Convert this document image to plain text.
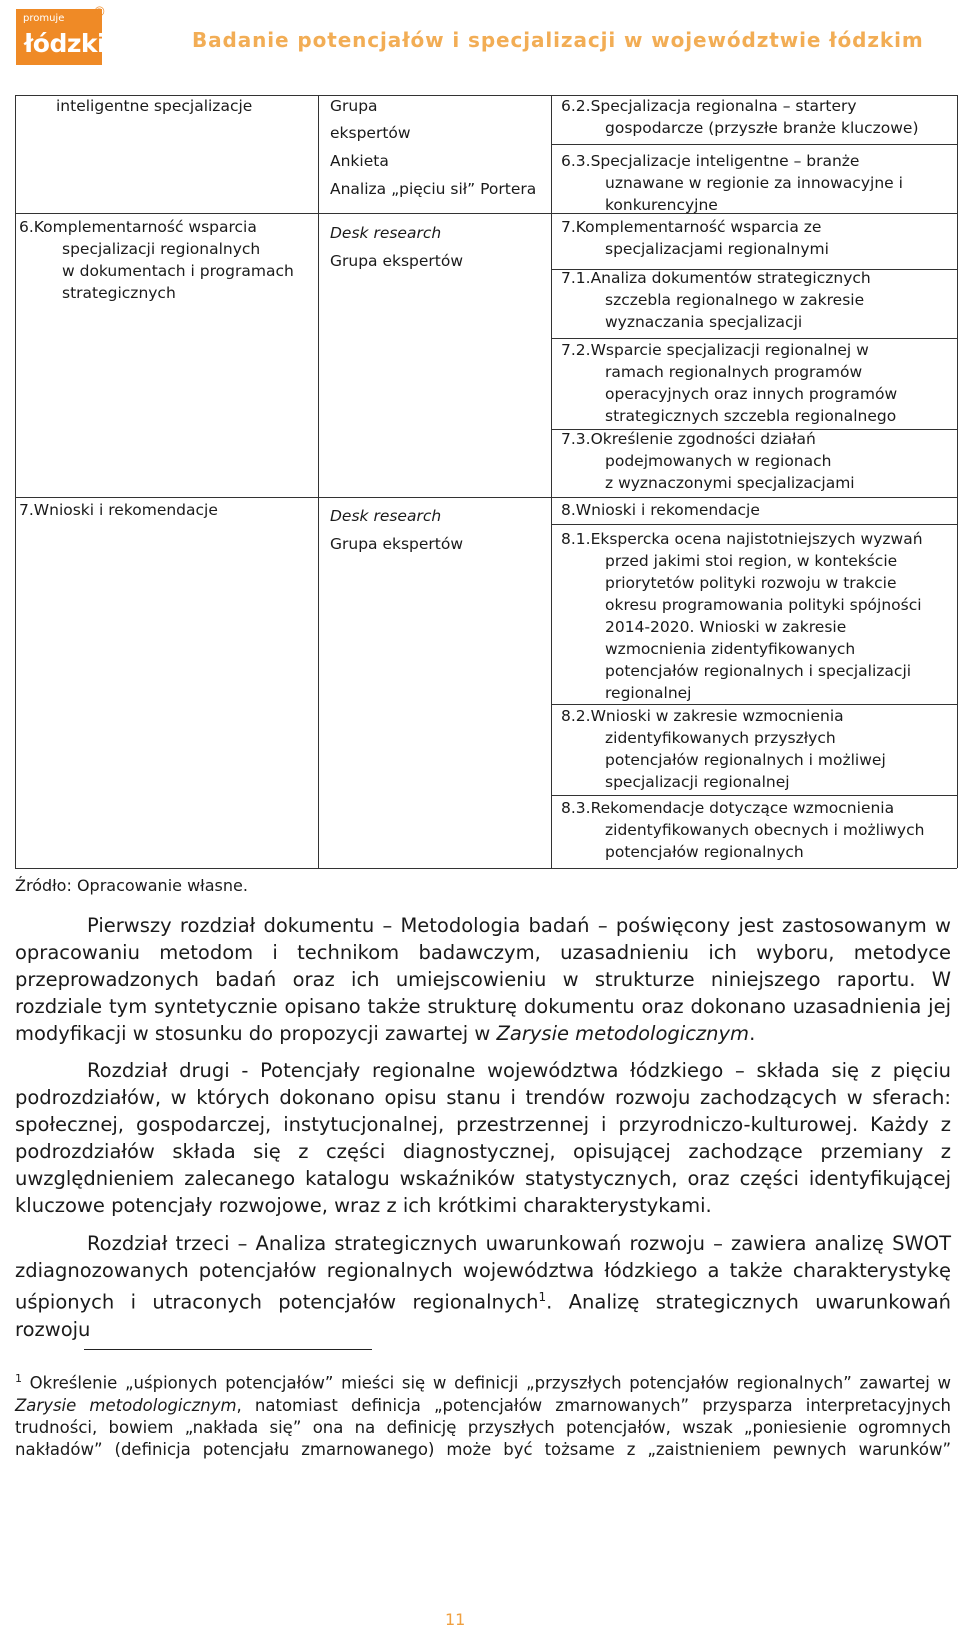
promuje
łódzkie
®
Badanie potencjałów i specjalizacji w województwie łódzkim
inteligentne specjalizacje
6.Komplementarność wsparcia
specjalizacji regionalnych
w dokumentach i programach
strategicznych
7.Wnioski i rekomendacje
Grupa
ekspertów
Ankieta
Analiza „pięciu sił” Portera
Desk research
Grupa ekspertów
Desk research
Grupa ekspertów
6.2.Specjalizacja regionalna – startery
gospodarcze (przyszłe branże kluczowe)
6.3.Specjalizacje inteligentne – branże
uznawane w regionie za innowacyjne i
konkurencyjne
7.Komplementarność wsparcia ze
specjalizacjami regionalnymi
7.1.Analiza dokumentów strategicznych
szczebla regionalnego w zakresie
wyznaczania specjalizacji
7.2.Wsparcie specjalizacji regionalnej w
ramach regionalnych programów
operacyjnych oraz innych programów
strategicznych szczebla regionalnego
7.3.Określenie zgodności działań
podejmowanych w regionach
z wyznaczonymi specjalizacjami
8.Wnioski i rekomendacje
8.1.Ekspercka ocena najistotniejszych wyzwań
przed jakimi stoi region, w kontekście
priorytetów polityki rozwoju w trakcie
okresu programowania polityki spójności
2014-2020. Wnioski w zakresie
wzmocnienia zidentyfikowanych
potencjałów regionalnych i specjalizacji
regionalnej
8.2.Wnioski w zakresie wzmocnienia
zidentyfikowanych przyszłych
potencjałów regionalnych i możliwej
specjalizacji regionalnej
8.3.Rekomendacje dotyczące wzmocnienia
zidentyfikowanych obecnych i możliwych
potencjałów regionalnych
Źródło: Opracowanie własne.
Pierwszy rozdział dokumentu – Metodologia badań – poświęcony jest zastosowanym w opracowaniu metodom i technikom badawczym, uzasadnieniu ich wyboru, metodyce przeprowadzonych badań oraz ich umiejscowieniu w strukturze niniejszego raportu. W rozdziale tym syntetycznie opisano także strukturę dokumentu oraz dokonano uzasadnienia jej modyfikacji w stosunku do propozycji zawartej w Zarysie metodologicznym.
Rozdział drugi - Potencjały regionalne województwa łódzkiego – składa się z pięciu podrozdziałów, w których dokonano opisu stanu i trendów rozwoju zachodzących w sferach: społecznej, gospodarczej, instytucjonalnej, przestrzennej i przyrodniczo-kulturowej. Każdy z podrozdziałów składa się z części diagnostycznej, opisującej zachodzące przemiany z uwzględnieniem zalecanego katalogu wskaźników statystycznych, oraz części identyfikującej kluczowe potencjały rozwojowe, wraz z ich krótkimi charakterystykami.
Rozdział trzeci – Analiza strategicznych uwarunkowań rozwoju – zawiera analizę SWOT zdiagnozowanych potencjałów regionalnych województwa łódzkiego a także charakterystykę uśpionych i utraconych potencjałów regionalnych$^1$. Analizę strategicznych uwarunkowań rozwoju
$^1$ Określenie „uśpionych potencjałów” mieści się w definicji „przyszłych potencjałów regionalnych” zawartej w Zarysie metodologicznym, natomiast definicja „potencjałów zmarnowanych” przysparza interpretacyjnych trudności, bowiem „nakłada się” ona na definicję przyszłych potencjałów, wszak „poniesienie ogromnych nakładów” (definicja potencjału zmarnowanego) może być tożsame z „zaistnieniem pewnych warunków”
11
